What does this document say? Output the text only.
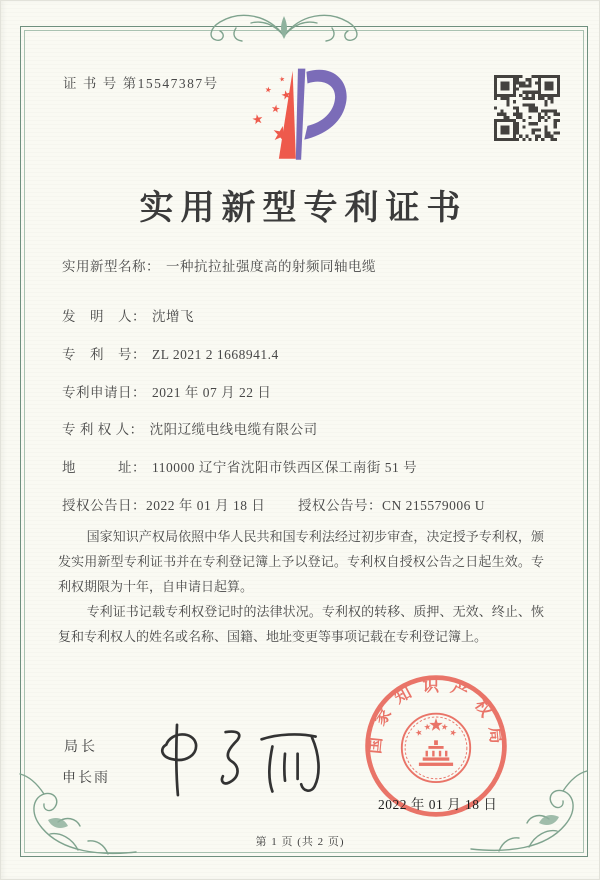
证 书 号 第15547387号
实用新型专利证书
实用新型名称： 一种抗拉扯强度高的射频同轴电缆
发　明　人： 沈增飞
专　利　号： ZL 2021 2 1668941.4
专利申请日： 2021 年 07 月 22 日
专 利 权 人： 沈阳辽缆电线电缆有限公司
地　　　址： 110000 辽宁省沈阳市铁西区保工南街 51 号
授权公告日：2022 年 01 月 18 日 授权公告号：CN 215579006 U

国家知识产权局依照中华人民共和国专利法经过初步审查，决定授予专利权，颁发实用新型专利证书并在专利登记簿上予以登记。专利权自授权公告之日起生效。专利权期限为十年，自申请日起算。

专利证书记载专利权登记时的法律状况。专利权的转移、质押、无效、终止、恢复和专利权人的姓名或名称、国籍、地址变更等事项记载在专利登记簿上。

局长
申长雨
国家知识产权局
2022 年 01 月 18 日
第 1 页 (共 2 页)
